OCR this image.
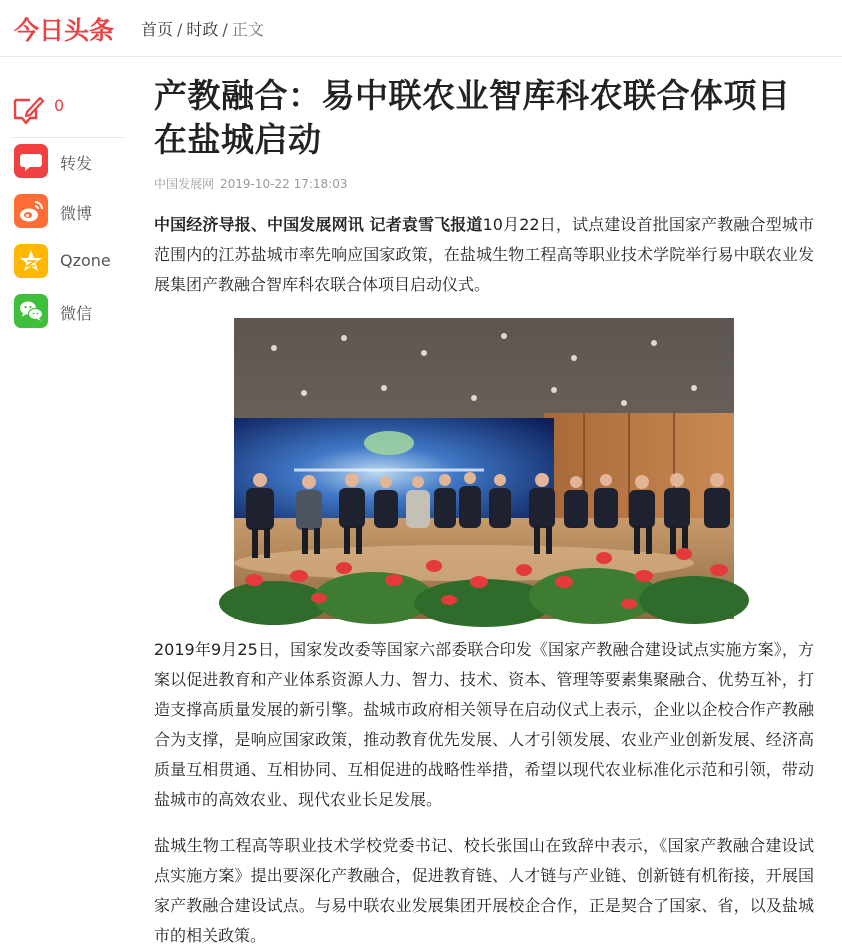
今日头条 首页 / 时政 / 正文
0
转发
微博
Qzone
微信
产教融合：易中联农业智库科农联合体项目在盐城启动
中国发展网 2019-10-22 17:18:03

中国经济导报、中国发展网讯 记者袁雪飞报道10月22日，试点建设首批国家产教融合型城市范围内的江苏盐城市率先响应国家政策，在盐城生物工程高等职业技术学院举行易中联农业发展集团产教融合智库科农联合体项目启动仪式。

2019年9月25日，国家发改委等国家六部委联合印发《国家产教融合建设试点实施方案》，方案以促进教育和产业体系资源人力、智力、技术、资本、管理等要素集聚融合、优势互补，打造支撑高质量发展的新引擎。盐城市政府相关领导在启动仪式上表示，企业以企校合作产教融合为支撑，是响应国家政策，推动教育优先发展、人才引领发展、农业产业创新发展、经济高质量互相贯通、互相协同、互相促进的战略性举措，希望以现代农业标准化示范和引领，带动盐城市的高效农业、现代农业长足发展。

盐城生物工程高等职业技术学校党委书记、校长张国山在致辞中表示，《国家产教融合建设试点实施方案》提出要深化产教融合，促进教育链、人才链与产业链、创新链有机衔接，开展国家产教融合建设试点。与易中联农业发展集团开展校企合作，正是契合了国家、省，以及盐城市的相关政策。
